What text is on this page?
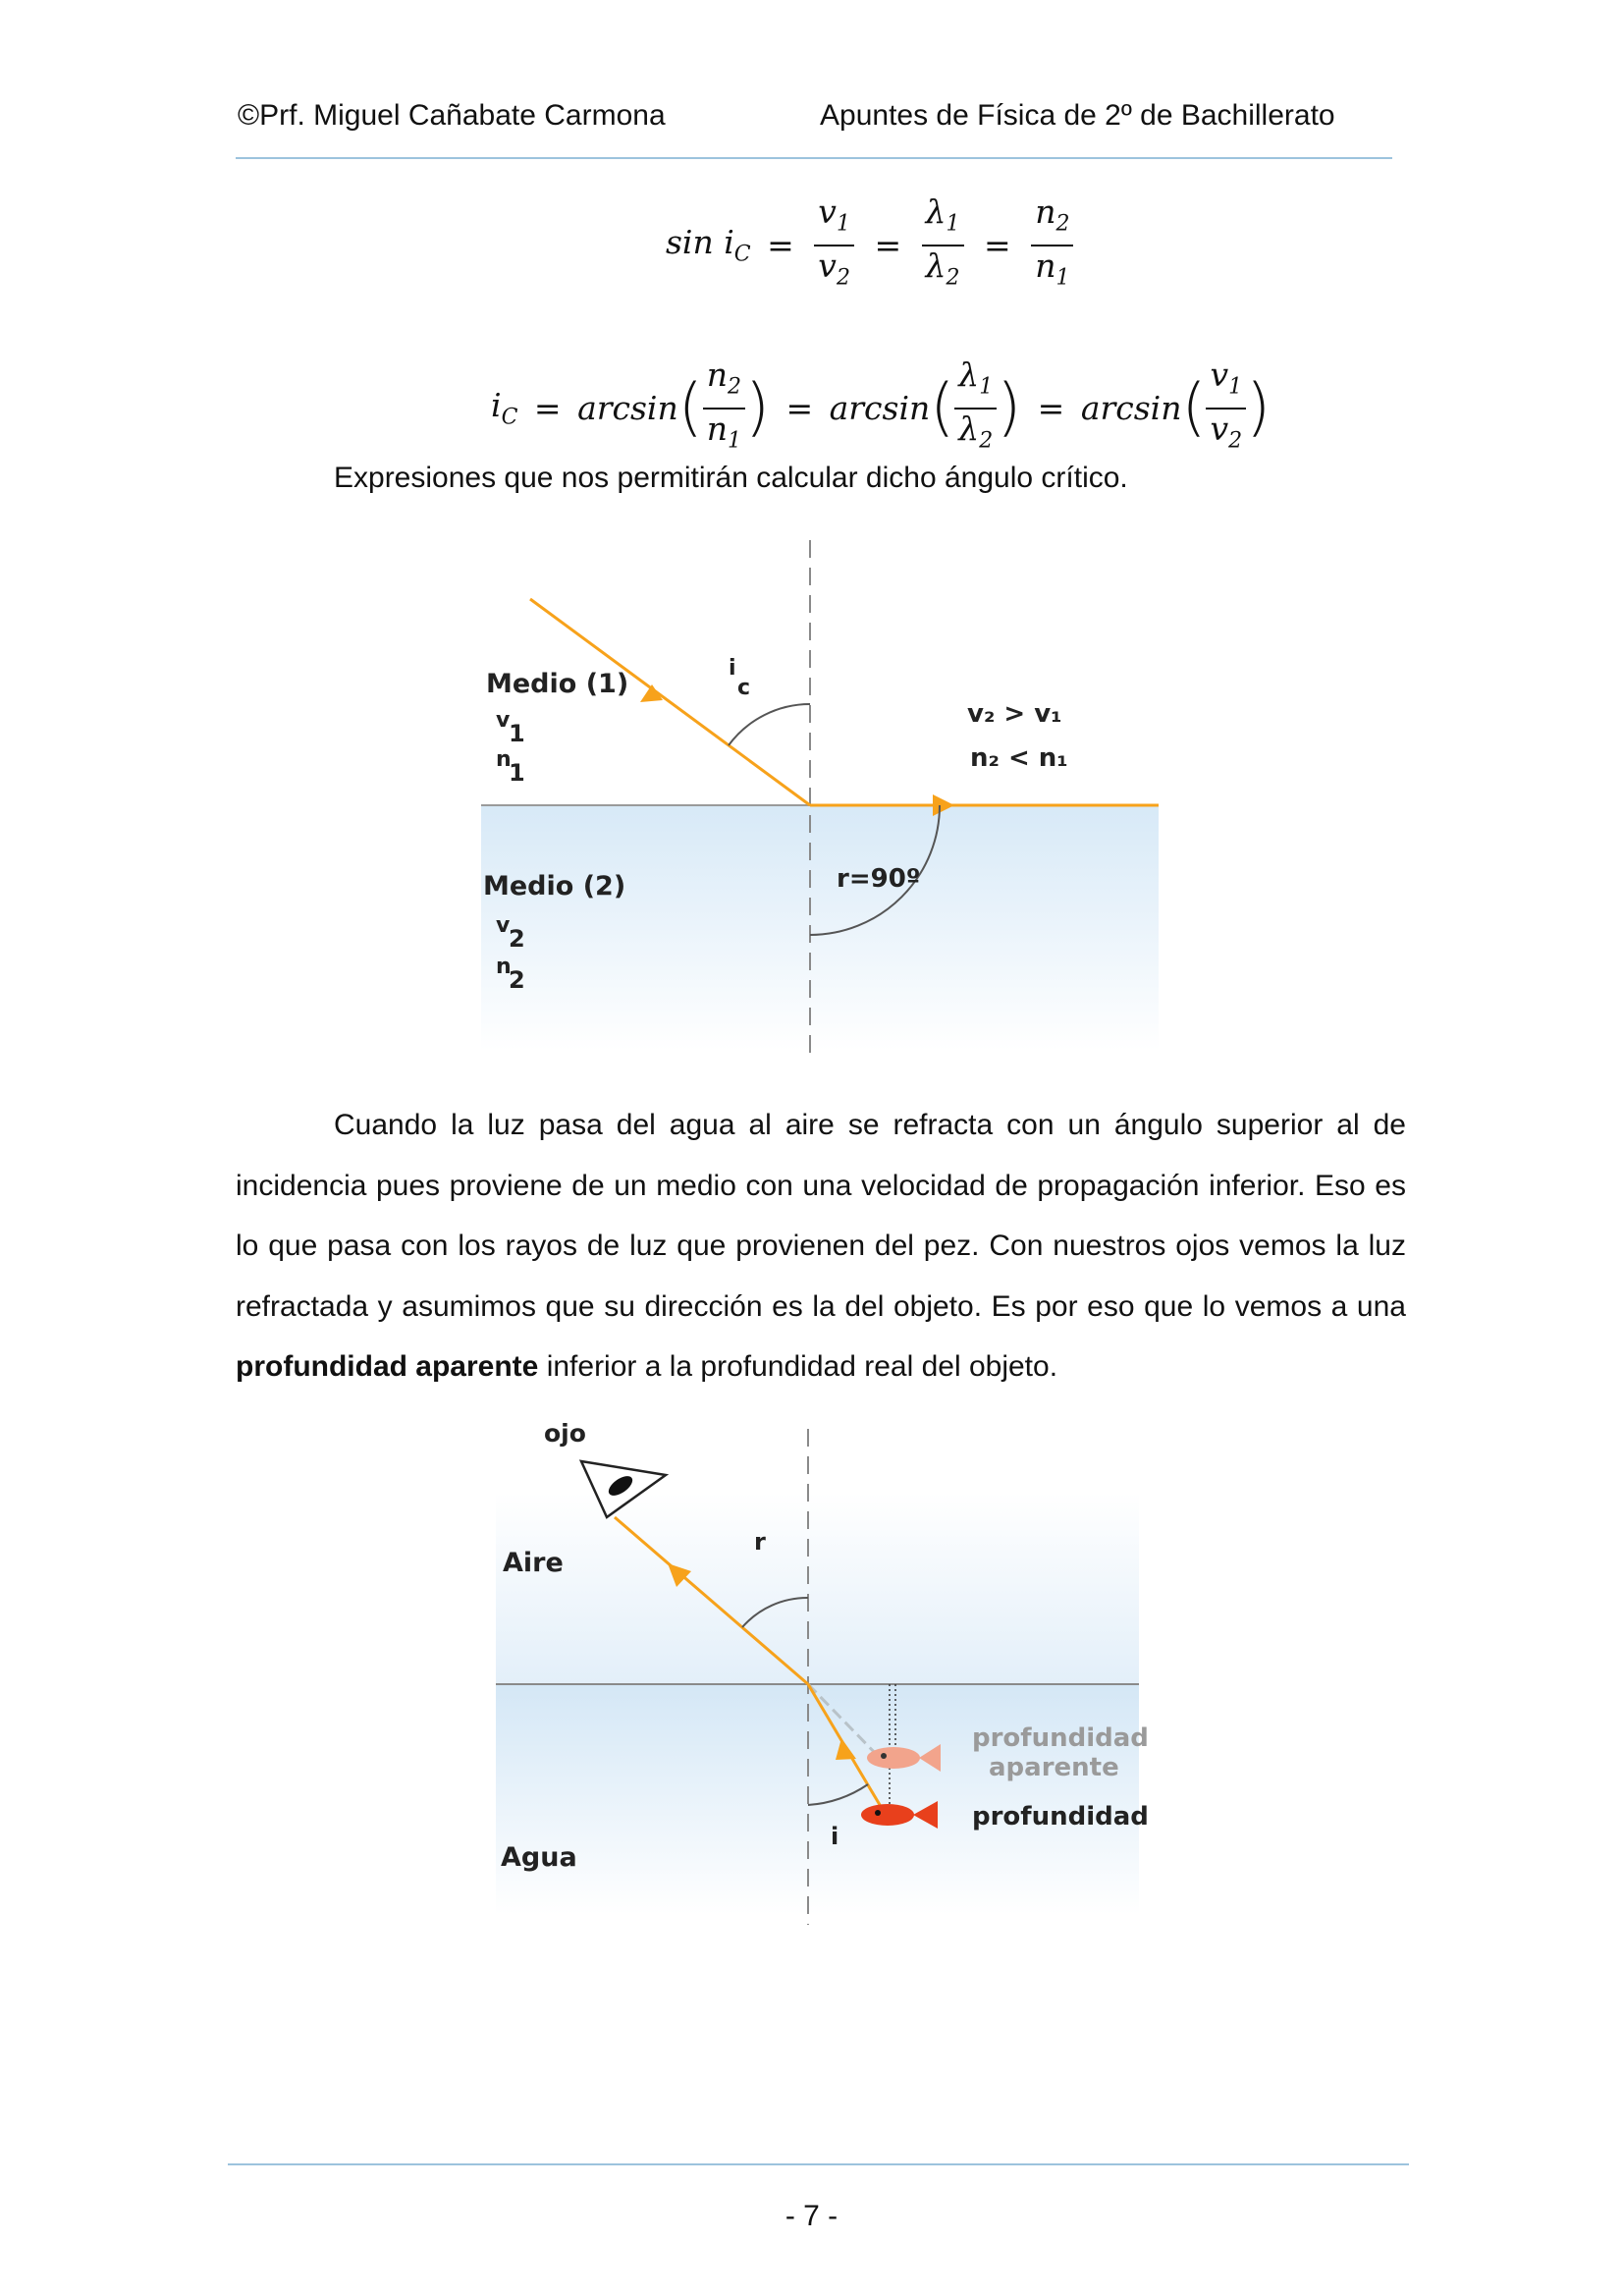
©Prf. Miguel Cañabate Carmona	Apuntes de Física de 2º de Bachillerato
$\sin i_C = \frac{v_1}{v_2} = \frac{\lambda_1}{\lambda_2} = \frac{n_2}{n_1}$
$i_C = \arcsin( \frac{n_2}{n_1}$ ) = $\arcsin( \frac{\lambda_1}{\lambda_2}$ ) = $\arcsin( \frac{v_1}{v_2}$ )
Expresiones que nos permitirán calcular dicho ángulo crítico.
Medio (1)
v
1
n
1
Medio (2)
v
2
n
2
i
c
r=90º
v₂ > v₁
n₂ < n₁
Cuando la luz pasa del agua al aire se refracta con un ángulo superior al de
incidencia pues proviene de un medio con una velocidad de propagación inferior. Eso es
lo que pasa con los rayos de luz que provienen del pez. Con nuestros ojos vemos la luz
refractada y asumimos que su dirección es la del objeto. Es por eso que lo vemos a una
profundidad aparente inferior a la profundidad real del objeto.
ojo
Aire
Agua
r
i
profundidad
aparente
profundidad
- 7 -
